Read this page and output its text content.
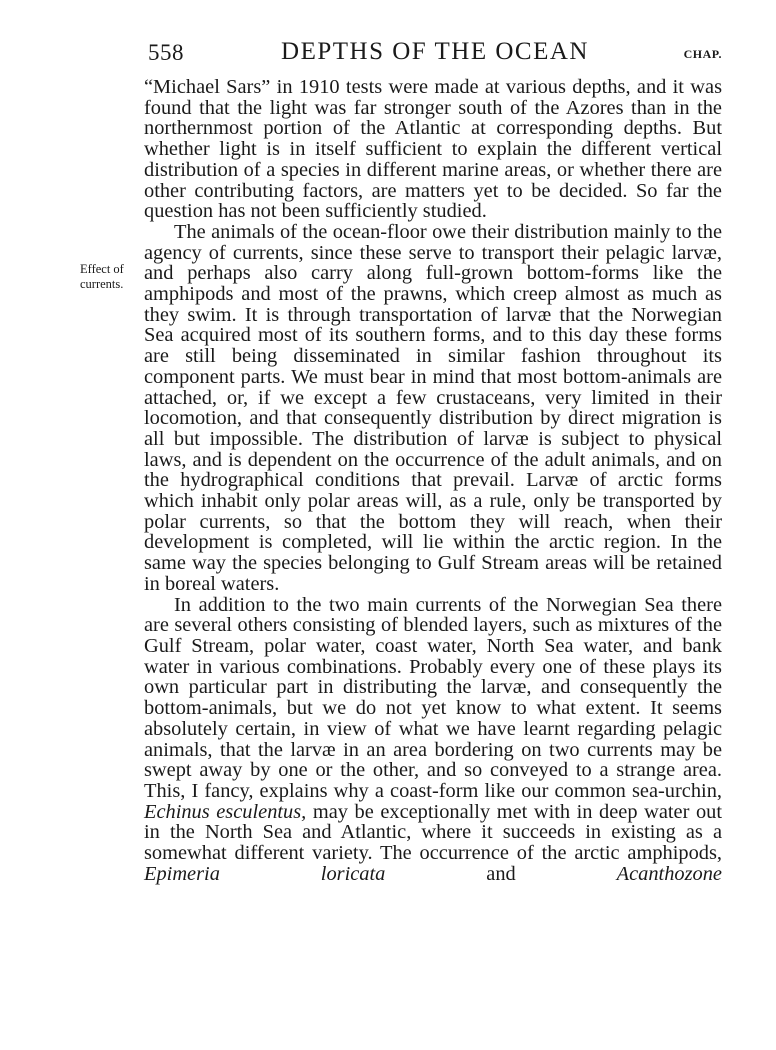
558	DEPTHS OF THE OCEAN	CHAP.
Effect of
currents.

“Michael Sars” in 1910 tests were made at various depths, and it was found that the light was far stronger south of the Azores than in the northernmost portion of the Atlantic at corresponding depths. But whether light is in itself sufficient to explain the different vertical distribution of a species in different marine areas, or whether there are other contributing factors, are matters yet to be decided. So far the question has not been sufficiently studied.

The animals of the ocean-floor owe their distribution mainly to the agency of currents, since these serve to transport their pelagic larvæ, and perhaps also carry along full-grown bottom-forms like the amphipods and most of the prawns, which creep almost as much as they swim. It is through transportation of larvæ that the Norwegian Sea acquired most of its southern forms, and to this day these forms are still being disseminated in similar fashion throughout its component parts. We must bear in mind that most bottom-animals are attached, or, if we except a few crustaceans, very limited in their locomotion, and that consequently distribution by direct migration is all but impossible. The distribution of larvæ is subject to physical laws, and is dependent on the occurrence of the adult animals, and on the hydrographical conditions that prevail. Larvæ of arctic forms which inhabit only polar areas will, as a rule, only be transported by polar currents, so that the bottom they will reach, when their development is completed, will lie within the arctic region. In the same way the species belonging to Gulf Stream areas will be retained in boreal waters.

In addition to the two main currents of the Norwegian Sea there are several others consisting of blended layers, such as mixtures of the Gulf Stream, polar water, coast water, North Sea water, and bank water in various combinations. Probably every one of these plays its own particular part in distributing the larvæ, and consequently the bottom-animals, but we do not yet know to what extent. It seems absolutely certain, in view of what we have learnt regarding pelagic animals, that the larvæ in an area bordering on two currents may be swept away by one or the other, and so conveyed to a strange area. This, I fancy, explains why a coast-form like our common sea-urchin, Echinus esculentus, may be exceptionally met with in deep water out in the North Sea and Atlantic, where it succeeds in existing as a somewhat different variety. The occurrence of the arctic amphipods, Epimeria loricata	and	Acanthozone
